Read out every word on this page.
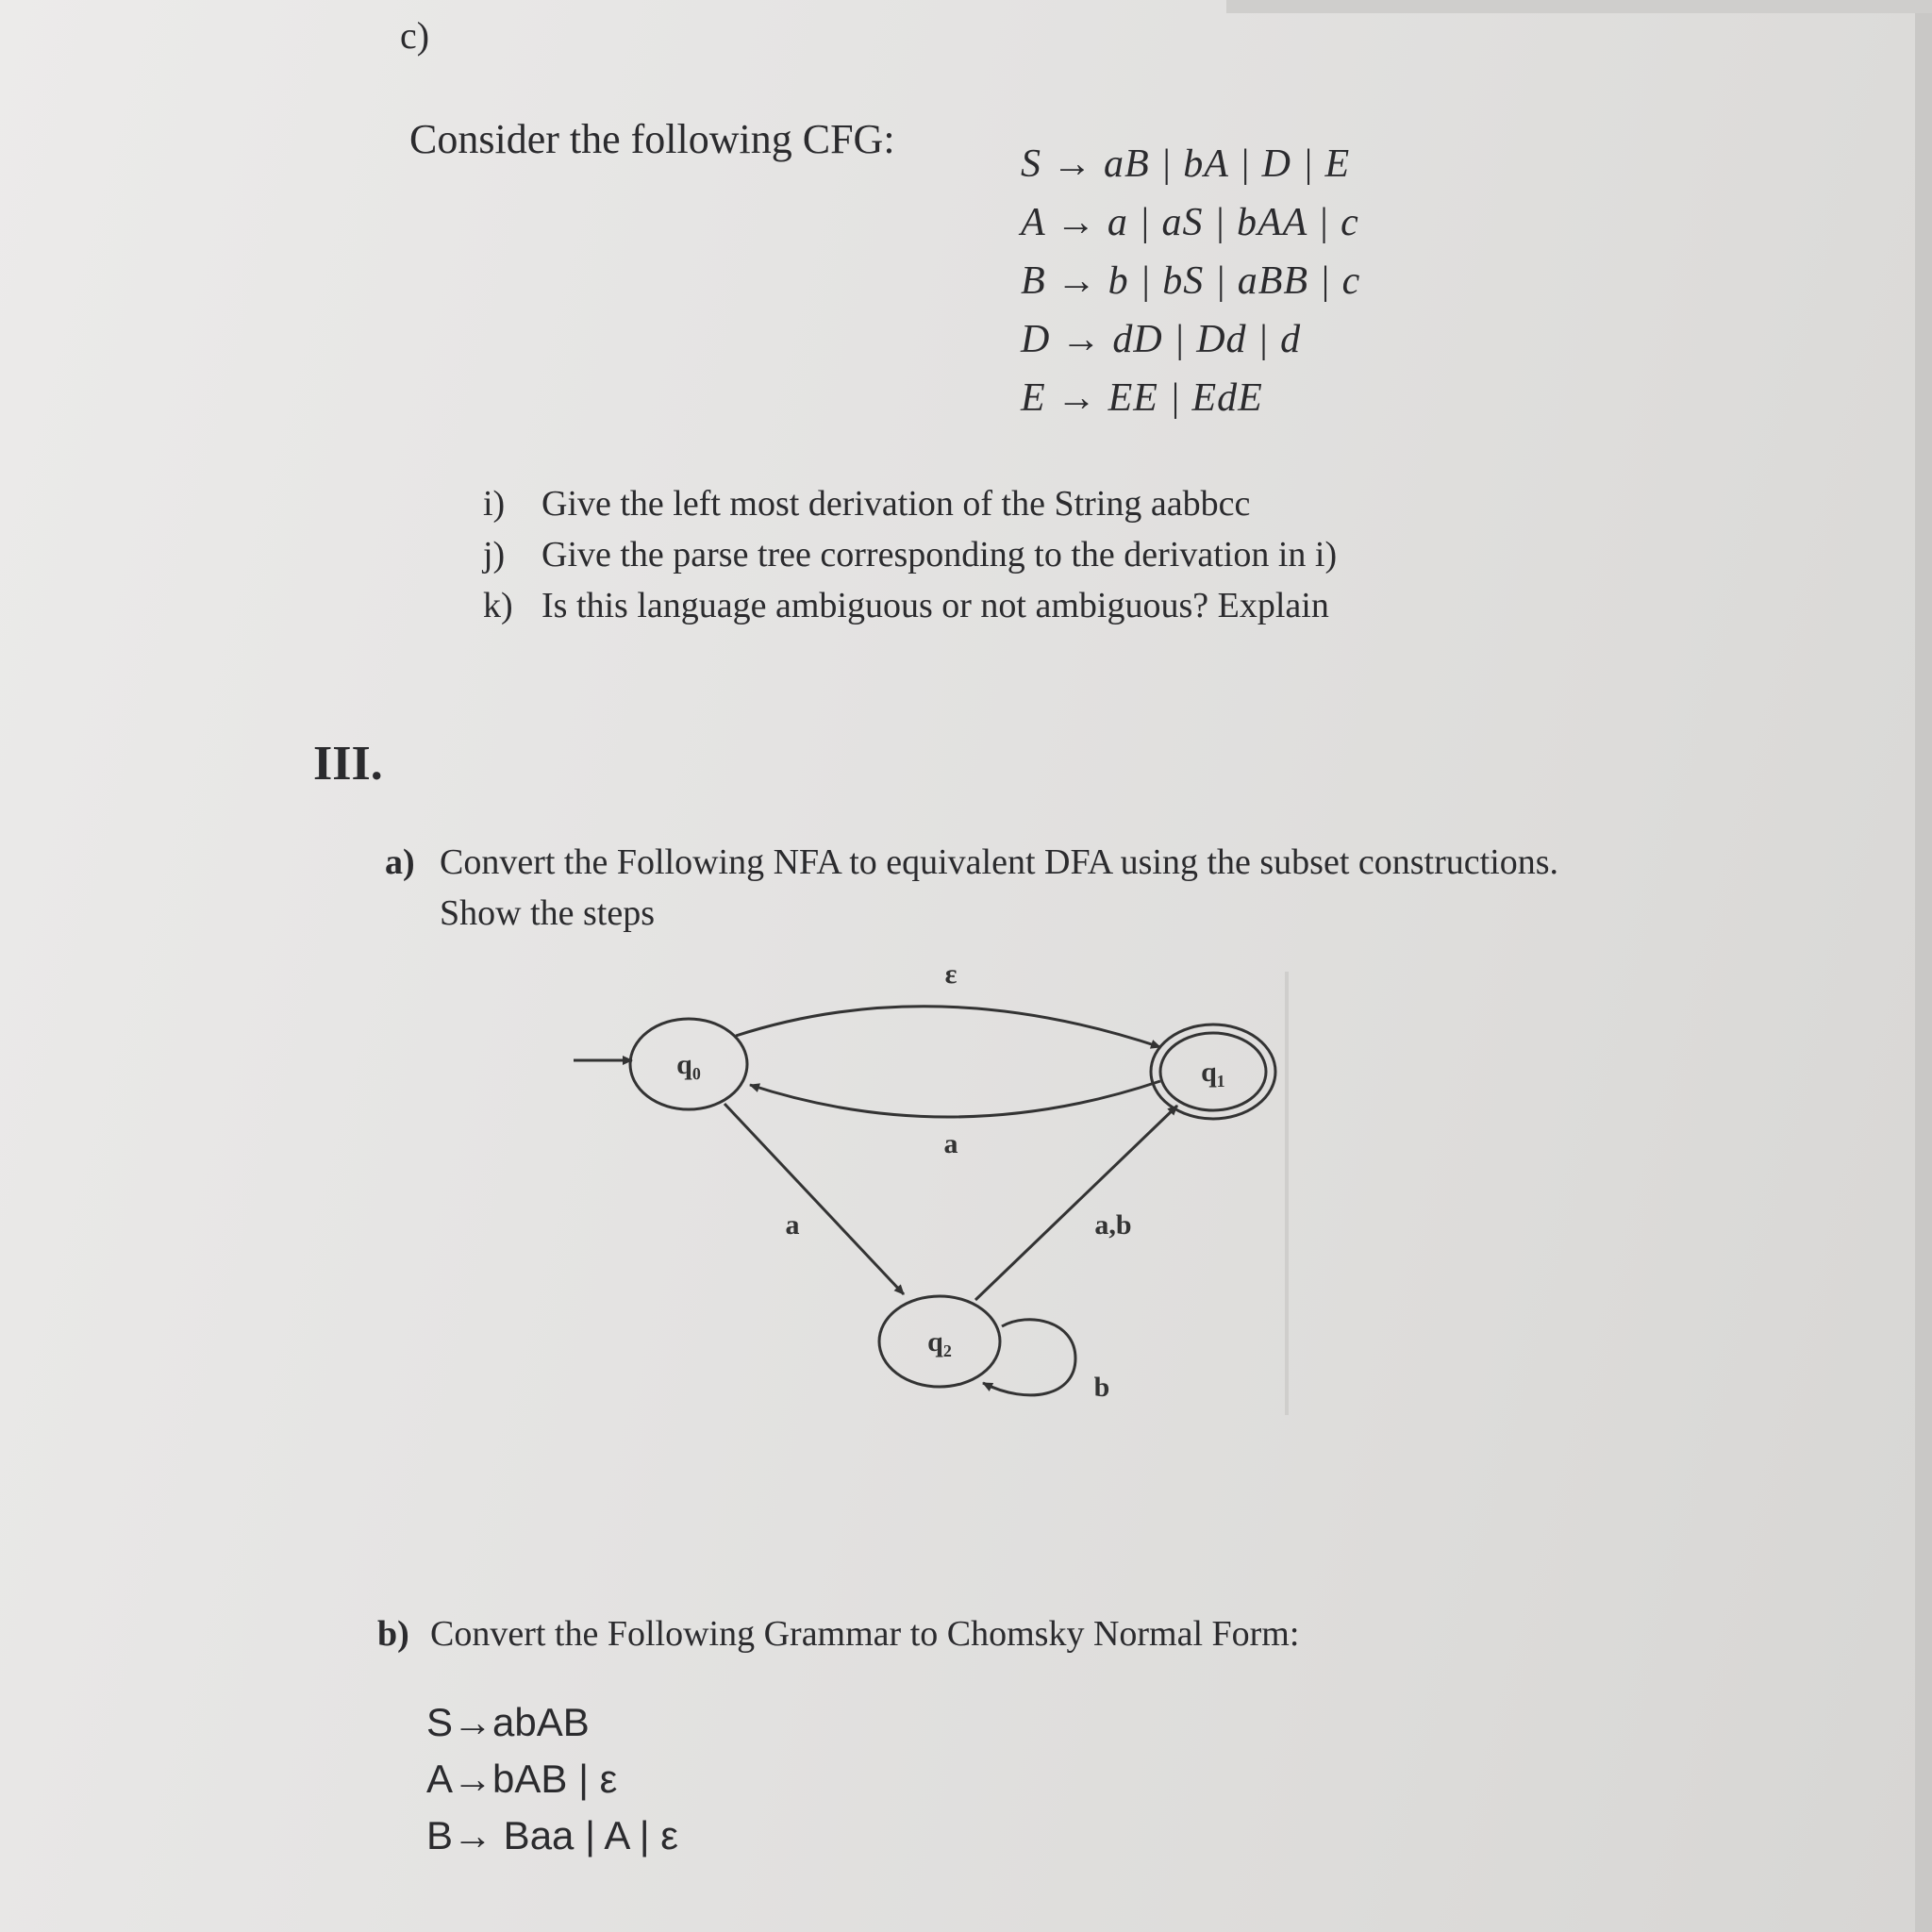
c)
Consider the following CFG:
S → aB | bA | D | E
A → a | aS | bAA | c
B → b | bS | aBB | c
D → dD | Dd | d
E → EE | EdE
i) Give the left most derivation of the String aabbcc
j) Give the parse tree corresponding to the derivation in i)
k) Is this language ambiguous or not ambiguous? Explain
III.
a) Convert the Following NFA to equivalent DFA using the subset constructions.
Show the steps
q₀	q₁
q₂
ε
a
a	a,b
b
b) Convert the Following Grammar to Chomsky Normal Form:
S→abAB
A→bAB | ε
B→ Baa | A | ε
